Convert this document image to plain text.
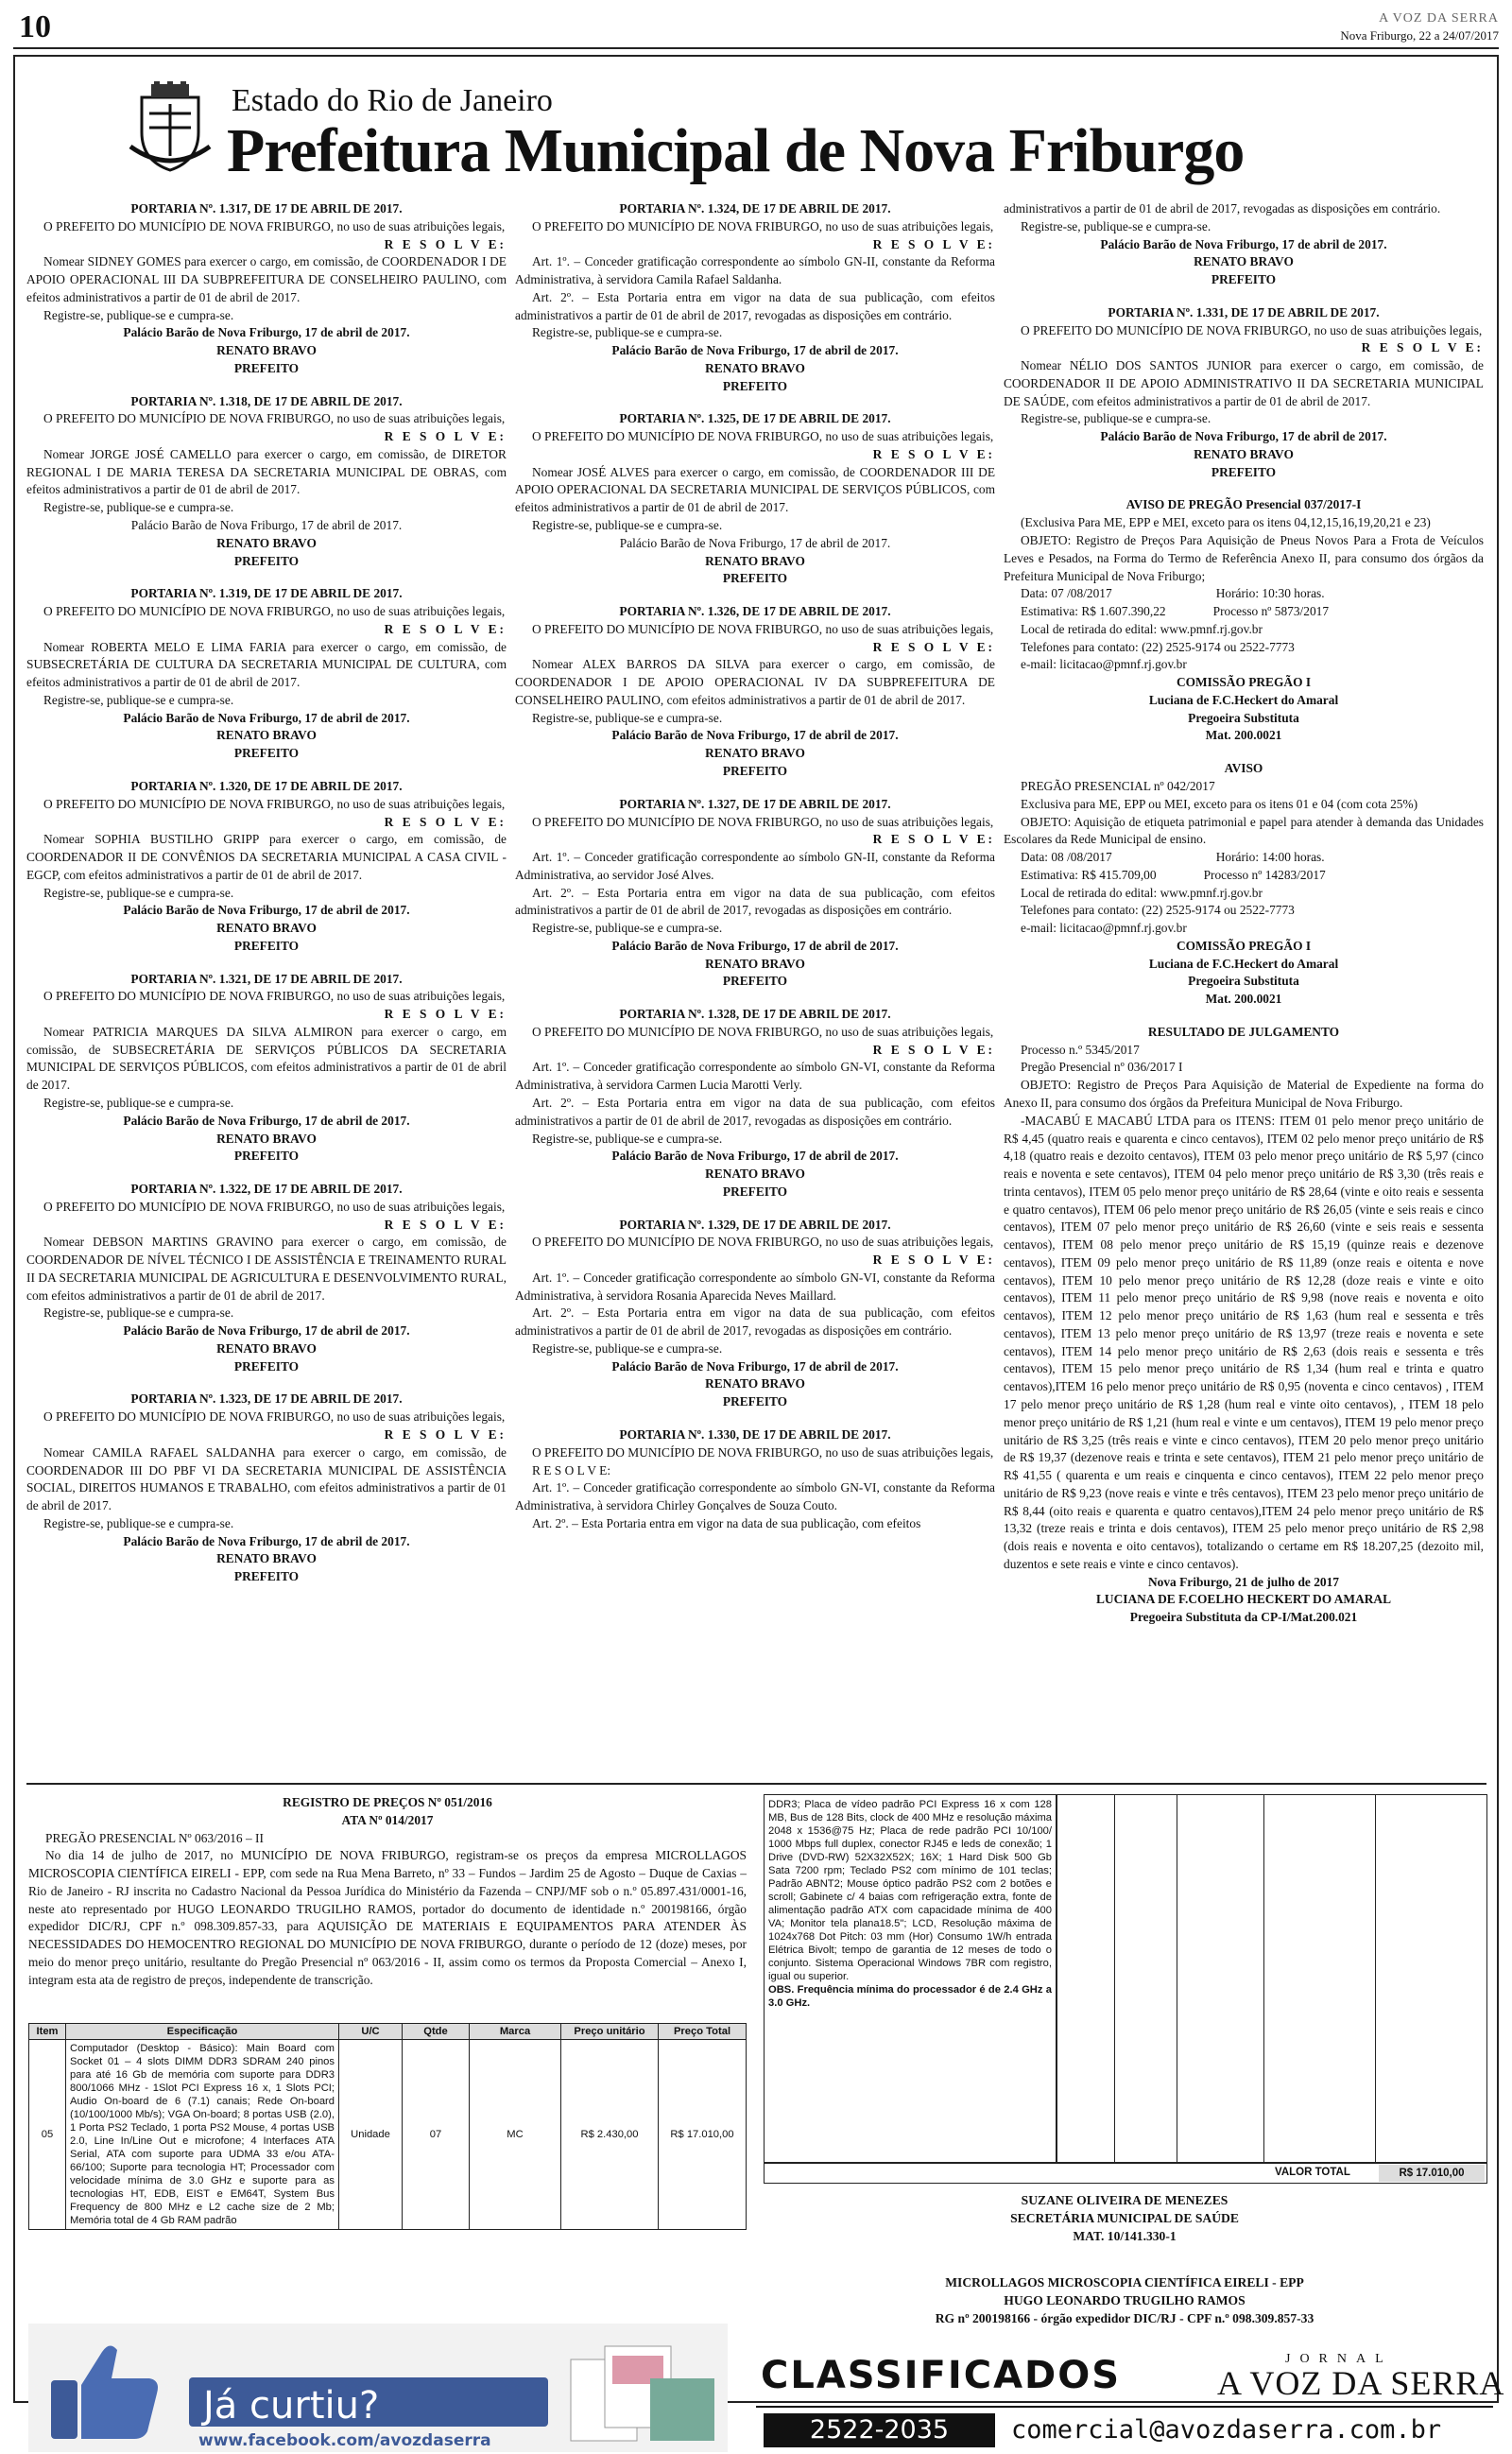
10	A VOZ DA SERRA
Nova Friburgo, 22 a 24/07/2017
Estado do Rio de Janeiro
Prefeitura Municipal de Nova Friburgo

PORTARIA Nº. 1.317, DE 17 DE ABRIL DE 2017.

O PREFEITO DO MUNICÍPIO DE NOVA FRIBURGO, no uso de suas atribuições legais,

R E S O L V E:

Nomear SIDNEY GOMES para exercer o cargo, em comissão, de COORDENADOR I DE APOIO OPERACIONAL III DA SUBPREFEITURA DE CONSELHEIRO PAULINO, com efeitos administrativos a partir de 01 de abril de 2017.

Registre-se, publique-se e cumpra-se.

Palácio Barão de Nova Friburgo, 17 de abril de 2017.

RENATO BRAVO

PREFEITO

PORTARIA Nº. 1.318, DE 17 DE ABRIL DE 2017.

O PREFEITO DO MUNICÍPIO DE NOVA FRIBURGO, no uso de suas atribuições legais,

R E S O L V E:

Nomear JORGE JOSÉ CAMELLO para exercer o cargo, em comissão, de DIRETOR REGIONAL I DE MARIA TERESA DA SECRETARIA MUNICIPAL DE OBRAS, com efeitos administrativos a partir de 01 de abril de 2017.

Registre-se, publique-se e cumpra-se.

Palácio Barão de Nova Friburgo, 17 de abril de 2017.

RENATO BRAVO

PREFEITO

PORTARIA Nº. 1.319, DE 17 DE ABRIL DE 2017.

O PREFEITO DO MUNICÍPIO DE NOVA FRIBURGO, no uso de suas atribuições legais,

R E S O L V E:

Nomear ROBERTA MELO E LIMA FARIA para exercer o cargo, em comissão, de SUBSECRETÁRIA DE CULTURA DA SECRETARIA MUNICIPAL DE CULTURA, com efeitos administrativos a partir de 01 de abril de 2017.

Registre-se, publique-se e cumpra-se.

Palácio Barão de Nova Friburgo, 17 de abril de 2017.

RENATO BRAVO

PREFEITO

PORTARIA Nº. 1.320, DE 17 DE ABRIL DE 2017.

O PREFEITO DO MUNICÍPIO DE NOVA FRIBURGO, no uso de suas atribuições legais,

R E S O L V E:

Nomear SOPHIA BUSTILHO GRIPP para exercer o cargo, em comissão, de COORDENADOR II DE CONVÊNIOS DA SECRETARIA MUNICIPAL A CASA CIVIL - EGCP, com efeitos administrativos a partir de 01 de abril de 2017.

Registre-se, publique-se e cumpra-se.

Palácio Barão de Nova Friburgo, 17 de abril de 2017.

RENATO BRAVO

PREFEITO

PORTARIA Nº. 1.321, DE 17 DE ABRIL DE 2017.

O PREFEITO DO MUNICÍPIO DE NOVA FRIBURGO, no uso de suas atribuições legais,

R E S O L V E:

Nomear PATRICIA MARQUES DA SILVA ALMIRON para exercer o cargo, em comissão, de SUBSECRETÁRIA DE SERVIÇOS PÚBLICOS DA SECRETARIA MUNICIPAL DE SERVIÇOS PÚBLICOS, com efeitos administrativos a partir de 01 de abril de 2017.

Registre-se, publique-se e cumpra-se.

Palácio Barão de Nova Friburgo, 17 de abril de 2017.

RENATO BRAVO

PREFEITO

PORTARIA Nº. 1.322, DE 17 DE ABRIL DE 2017.

O PREFEITO DO MUNICÍPIO DE NOVA FRIBURGO, no uso de suas atribuições legais,

R E S O L V E:

Nomear DEBSON MARTINS GRAVINO para exercer o cargo, em comissão, de COORDENADOR DE NÍVEL TÉCNICO I DE ASSISTÊNCIA E TREINAMENTO RURAL II DA SECRETARIA MUNICIPAL DE AGRICULTURA E DESENVOLVIMENTO RURAL, com efeitos administrativos a partir de 01 de abril de 2017.

Registre-se, publique-se e cumpra-se.

Palácio Barão de Nova Friburgo, 17 de abril de 2017.

RENATO BRAVO

PREFEITO

PORTARIA Nº. 1.323, DE 17 DE ABRIL DE 2017.

O PREFEITO DO MUNICÍPIO DE NOVA FRIBURGO, no uso de suas atribuições legais,

R E S O L V E:

Nomear CAMILA RAFAEL SALDANHA para exercer o cargo, em comissão, de COORDENADOR III DO PBF VI DA SECRETARIA MUNICIPAL DE ASSISTÊNCIA SOCIAL, DIREITOS HUMANOS E TRABALHO, com efeitos administrativos a partir de 01 de abril de 2017.

Registre-se, publique-se e cumpra-se.

Palácio Barão de Nova Friburgo, 17 de abril de 2017.

RENATO BRAVO

PREFEITO

PORTARIA Nº. 1.324, DE 17 DE ABRIL DE 2017.

O PREFEITO DO MUNICÍPIO DE NOVA FRIBURGO, no uso de suas atribuições legais,

R E S O L V E:

Art. 1º. – Conceder gratificação correspondente ao símbolo GN-II, constante da Reforma Administrativa, à servidora Camila Rafael Saldanha.

Art. 2º. – Esta Portaria entra em vigor na data de sua publicação, com efeitos administrativos a partir de 01 de abril de 2017, revogadas as disposições em contrário.

Registre-se, publique-se e cumpra-se.

Palácio Barão de Nova Friburgo, 17 de abril de 2017.

RENATO BRAVO

PREFEITO

PORTARIA Nº. 1.325, DE 17 DE ABRIL DE 2017.

O PREFEITO DO MUNICÍPIO DE NOVA FRIBURGO, no uso de suas atribuições legais,

R E S O L V E:

Nomear JOSÉ ALVES para exercer o cargo, em comissão, de COORDENADOR III DE APOIO OPERACIONAL DA SECRETARIA MUNICIPAL DE SERVIÇOS PÚBLICOS, com efeitos administrativos a partir de 01 de abril de 2017.

Registre-se, publique-se e cumpra-se.

Palácio Barão de Nova Friburgo, 17 de abril de 2017.

RENATO BRAVO

PREFEITO

PORTARIA Nº. 1.326, DE 17 DE ABRIL DE 2017.

O PREFEITO DO MUNICÍPIO DE NOVA FRIBURGO, no uso de suas atribuições legais,

R E S O L V E:

Nomear ALEX BARROS DA SILVA para exercer o cargo, em comissão, de COORDENADOR I DE APOIO OPERACIONAL IV DA SUBPREFEITURA DE CONSELHEIRO PAULINO, com efeitos administrativos a partir de 01 de abril de 2017.

Registre-se, publique-se e cumpra-se.

Palácio Barão de Nova Friburgo, 17 de abril de 2017.

RENATO BRAVO

PREFEITO

PORTARIA Nº. 1.327, DE 17 DE ABRIL DE 2017.

O PREFEITO DO MUNICÍPIO DE NOVA FRIBURGO, no uso de suas atribuições legais,

R E S O L V E:

Art. 1º. – Conceder gratificação correspondente ao símbolo GN-II, constante da Reforma Administrativa, ao servidor José Alves.

Art. 2º. – Esta Portaria entra em vigor na data de sua publicação, com efeitos administrativos a partir de 01 de abril de 2017, revogadas as disposições em contrário.

Registre-se, publique-se e cumpra-se.

Palácio Barão de Nova Friburgo, 17 de abril de 2017.

RENATO BRAVO

PREFEITO

PORTARIA Nº. 1.328, DE 17 DE ABRIL DE 2017.

O PREFEITO DO MUNICÍPIO DE NOVA FRIBURGO, no uso de suas atribuições legais,

R E S O L V E:

Art. 1º. – Conceder gratificação correspondente ao símbolo GN-VI, constante da Reforma Administrativa, à servidora Carmen Lucia Marotti Verly.

Art. 2º. – Esta Portaria entra em vigor na data de sua publicação, com efeitos administrativos a partir de 01 de abril de 2017, revogadas as disposições em contrário.

Registre-se, publique-se e cumpra-se.

Palácio Barão de Nova Friburgo, 17 de abril de 2017.

RENATO BRAVO

PREFEITO

PORTARIA Nº. 1.329, DE 17 DE ABRIL DE 2017.

O PREFEITO DO MUNICÍPIO DE NOVA FRIBURGO, no uso de suas atribuições legais,

R E S O L V E:

Art. 1º. – Conceder gratificação correspondente ao símbolo GN-VI, constante da Reforma Administrativa, à servidora Rosania Aparecida Neves Maillard.

Art. 2º. – Esta Portaria entra em vigor na data de sua publicação, com efeitos administrativos a partir de 01 de abril de 2017, revogadas as disposições em contrário.

Registre-se, publique-se e cumpra-se.

Palácio Barão de Nova Friburgo, 17 de abril de 2017.

RENATO BRAVO

PREFEITO

PORTARIA Nº. 1.330, DE 17 DE ABRIL DE 2017.

O PREFEITO DO MUNICÍPIO DE NOVA FRIBURGO, no uso de suas atribuições legais,

R E S O L V E:

Art. 1º. – Conceder gratificação correspondente ao símbolo GN-VI, constante da Reforma Administrativa, à servidora Chirley Gonçalves de Souza Couto.

Art. 2º. – Esta Portaria entra em vigor na data de sua publicação, com efeitos

administrativos a partir de 01 de abril de 2017, revogadas as disposições em contrário.

Registre-se, publique-se e cumpra-se.

Palácio Barão de Nova Friburgo, 17 de abril de 2017.

RENATO BRAVO

PREFEITO

PORTARIA Nº. 1.331, DE 17 DE ABRIL DE 2017.

O PREFEITO DO MUNICÍPIO DE NOVA FRIBURGO, no uso de suas atribuições legais,

R E S O L V E:

Nomear NÉLIO DOS SANTOS JUNIOR para exercer o cargo, em comissão, de COORDENADOR II DE APOIO ADMINISTRATIVO II DA SECRETARIA MUNICIPAL DE SAÚDE, com efeitos administrativos a partir de 01 de abril de 2017.

Registre-se, publique-se e cumpra-se.

Palácio Barão de Nova Friburgo, 17 de abril de 2017.

RENATO BRAVO

PREFEITO

AVISO DE PREGÃO Presencial 037/2017-I

(Exclusiva Para ME, EPP e MEI, exceto para os itens 04,12,15,16,19,20,21 e 23)

OBJETO: Registro de Preços Para Aquisição de Pneus Novos Para a Frota de Veículos Leves e Pesados, na Forma do Termo de Referência Anexo II, para consumo dos órgãos da Prefeitura Municipal de Nova Friburgo;

Data: 07 /08/2017	Horário: 10:30 horas.

Estimativa: R$ 1.607.390,22	Processo nº 5873/2017

Local de retirada do edital: www.pmnf.rj.gov.br

Telefones para contato: (22) 2525-9174 ou 2522-7773

e-mail: licitacao@pmnf.rj.gov.br

COMISSÃO PREGÃO I

Luciana de F.C.Heckert do Amaral

Pregoeira Substituta

Mat. 200.0021

AVISO

PREGÃO PRESENCIAL nº 042/2017

Exclusiva para ME, EPP ou MEI, exceto para os itens 01 e 04 (com cota 25%)

OBJETO: Aquisição de etiqueta patrimonial e papel para atender à demanda das Unidades Escolares da Rede Municipal de ensino.

Data: 08 /08/2017	Horário: 14:00 horas.

Estimativa: R$ 415.709,00	Processo nº 14283/2017

Local de retirada do edital: www.pmnf.rj.gov.br

Telefones para contato: (22) 2525-9174 ou 2522-7773

e-mail: licitacao@pmnf.rj.gov.br

COMISSÃO PREGÃO I

Luciana de F.C.Heckert do Amaral

Pregoeira Substituta

Mat. 200.0021

RESULTADO DE JULGAMENTO

Processo n.º 5345/2017

Pregão Presencial nº 036/2017 I

OBJETO: Registro de Preços Para Aquisição de Material de Expediente na forma do Anexo II, para consumo dos órgãos da Prefeitura Municipal de Nova Friburgo.

-MACABÚ E MACABÚ LTDA para os ITENS: ITEM 01 pelo menor preço unitário de R$ 4,45 (quatro reais e quarenta e cinco centavos), ITEM 02 pelo menor preço unitário de R$ 4,18 (quatro reais e dezoito centavos), ITEM 03 pelo menor preço unitário de R$ 5,97 (cinco reais e noventa e sete centavos), ITEM 04 pelo menor preço unitário de R$ 3,30 (três reais e trinta centavos), ITEM 05 pelo menor preço unitário de R$ 28,64 (vinte e oito reais e sessenta e quatro centavos), ITEM 06 pelo menor preço unitário de R$ 26,05 (vinte e seis reais e cinco centavos), ITEM 07 pelo menor preço unitário de R$ 26,60 (vinte e seis reais e sessenta centavos), ITEM 08 pelo menor preço unitário de R$ 15,19 (quinze reais e dezenove centavos), ITEM 09 pelo menor preço unitário de R$ 11,89 (onze reais e oitenta e nove centavos), ITEM 10 pelo menor preço unitário de R$ 12,28 (doze reais e vinte e oito centavos), ITEM 11 pelo menor preço unitário de R$ 9,98 (nove reais e noventa e oito centavos), ITEM 12 pelo menor preço unitário de R$ 1,63 (hum real e sessenta e três centavos), ITEM 13 pelo menor preço unitário de R$ 13,97 (treze reais e noventa e sete centavos), ITEM 14 pelo menor preço unitário de R$ 2,63 (dois reais e sessenta e três centavos), ITEM 15 pelo menor preço unitário de R$ 1,34 (hum real e trinta e quatro centavos),ITEM 16 pelo menor preço unitário de R$ 0,95 (noventa e cinco centavos) , ITEM 17 pelo menor preço unitário de R$ 1,28 (hum real e vinte oito centavos), , ITEM 18 pelo menor preço unitário de R$ 1,21 (hum real e vinte e um centavos), ITEM 19 pelo menor preço unitário de R$ 3,25 (três reais e vinte e cinco centavos), ITEM 20 pelo menor preço unitário de R$ 19,37 (dezenove reais e trinta e sete centavos), ITEM 21 pelo menor preço unitário de R$ 41,55 ( quarenta e um reais e cinquenta e cinco centavos), ITEM 22 pelo menor preço unitário de R$ 9,23 (nove reais e vinte e três centavos), ITEM 23 pelo menor preço unitário de R$ 8,44 (oito reais e quarenta e quatro centavos),ITEM 24 pelo menor preço unitário de R$ 13,32 (treze reais e trinta e dois centavos), ITEM 25 pelo menor preço unitário de R$ 2,98 (dois reais e noventa e oito centavos), totalizando o certame em R$ 18.207,25 (dezoito mil, duzentos e sete reais e vinte e cinco centavos).

Nova Friburgo, 21 de julho de 2017

LUCIANA DE F.COELHO HECKERT DO AMARAL

Pregoeira Substituta da CP-I/Mat.200.021

REGISTRO DE PREÇOS Nº 051/2016

ATA Nº 014/2017

PREGÃO PRESENCIAL Nº 063/2016 – II

No dia 14 de julho de 2017, no MUNICÍPIO DE NOVA FRIBURGO, registram-se os preços da empresa MICROLLAGOS MICROSCOPIA CIENTÍFICA EIRELI - EPP, com sede na Rua Mena Barreto, nº 33 – Fundos – Jardim 25 de Agosto – Duque de Caxias – Rio de Janeiro - RJ inscrita no Cadastro Nacional da Pessoa Jurídica do Ministério da Fazenda – CNPJ/MF sob o n.º 05.897.431/0001-16, neste ato representado por HUGO LEONARDO TRUGILHO RAMOS, portador do documento de identidade n.º 200198166, órgão expedidor DIC/RJ, CPF n.º 098.309.857-33, para AQUISIÇÃO DE MATERIAIS E EQUIPAMENTOS PARA ATENDER ÀS NECESSIDADES DO HEMOCENTRO REGIONAL DO MUNICÍPIO DE NOVA FRIBURGO, durante o período de 12 (doze) meses, por meio do menor preço unitário, resultante do Pregão Presencial nº 063/2016 - II, assim como os termos da Proposta Comercial – Anexo I, integram esta ata de registro de preços, independente de transcrição.

Item	Especificação	U/C	Qtde	Marca	Preço unitário	Preço Total
05	Computador (Desktop - Básico): Main Board com Socket 01 – 4 slots DIMM DDR3 SDRAM 240 pinos para até 16 Gb de memória com suporte para DDR3 800/1066 MHz - 1Slot PCI Express 16 x, 1 Slots PCI; Audio On-board de 6 (7.1) canais; Rede On-board (10/100/1000 Mb/s); VGA On-board; 8 portas USB (2.0), 1 Porta PS2 Teclado, 1 porta PS2 Mouse, 4 portas USB 2.0, Line In/Line Out e microfone; 4 Interfaces ATA Serial, ATA com suporte para UDMA 33 e/ou ATA-66/100; Suporte para tecnologia HT; Processador com velocidade mínima de 3.0 GHz e suporte para as tecnologias HT, EDB, EIST e EM64T, System Bus Frequency de 800 MHz e L2 cache size de 2 Mb; Memória total de 4 Gb RAM padrão	Unidade	07	MC	R$ 2.430,00	R$ 17.010,00
DDR3; Placa de vídeo padrão PCI Express 16 x com 128 MB, Bus de 128 Bits, clock de 400 MHz e resolução máxima 2048 x 1536@75 Hz; Placa de rede padrão PCI 10/100/ 1000 Mbps full duplex, conector RJ45 e leds de conexão; 1 Drive (DVD-RW) 52X32X52X; 16X; 1 Hard Disk 500 Gb Sata 7200 rpm; Teclado PS2 com mínimo de 101 teclas; Padrão ABNT2; Mouse óptico padrão PS2 com 2 botões e scroll; Gabinete c/ 4 baias com refrigeração extra, fonte de alimentação padrão ATX com capacidade mínima de 400 VA; Monitor tela plana18.5"; LCD, Resolução máxima de 1024x768 Dot Pitch: 03 mm (Hor) Consumo 1W/h entrada Elétrica Bivolt; tempo de garantia de 12 meses de todo o conjunto. Sistema Operacional Windows 7BR com registro, igual ou superior.
OBS. Frequência mínima do processador é de 2.4 GHz a 3.0 GHz.
VALOR TOTAL	R$ 17.010,00

SUZANE OLIVEIRA DE MENEZES

SECRETÁRIA MUNICIPAL DE SAÚDE

MAT. 10/141.330-1

MICROLLAGOS MICROSCOPIA CIENTÍFICA EIRELI - EPP

HUGO LEONARDO TRUGILHO RAMOS

RG nº 200198166 - órgão expedidor DIC/RJ - CPF n.º 098.309.857-33

Já curtiu?
www.facebook.com/avozdaserra
CLASSIFICADOS	JORNAL
A VOZ DA SERRA
2522-2035	comercial@avozdaserra.com.br
